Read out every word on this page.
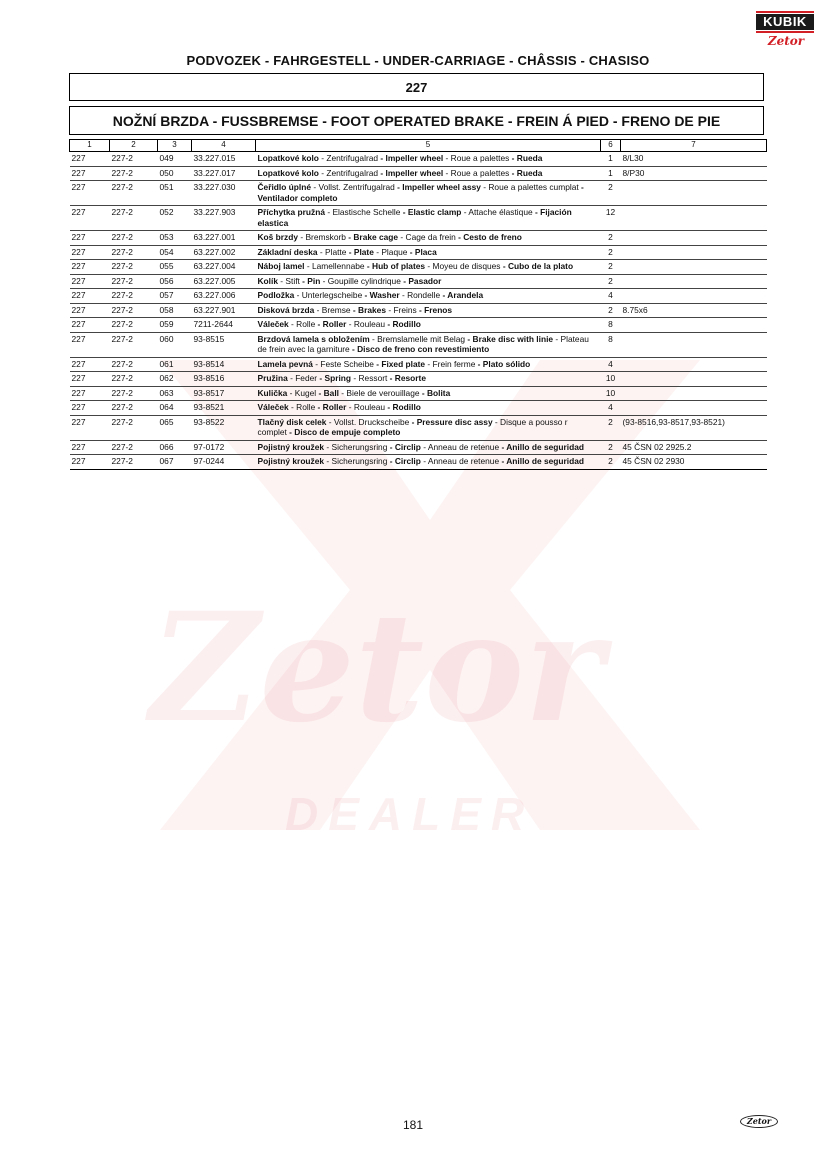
Zetor
DEALER
KUBIK
Zetor
PODVOZEK - FAHRGESTELL - UNDER-CARRIAGE - CHÂSSIS - CHASISO
227
NOŽNÍ BRZDA - FUSSBREMSE - FOOT OPERATED BRAKE - FREIN Á PIED - FRENO DE PIE
1	2	3	4	5	6	7
227	227-2	049	33.227.015	Lopatkové kolo - Zentrifugalrad - Impeller wheel - Roue a palettes - Rueda	1	8/L30
227	227-2	050	33.227.017	Lopatkové kolo - Zentrifugalrad - Impeller wheel - Roue a palettes - Rueda	1	8/P30
227	227-2	051	33.227.030	Čeřidlo úplné - Vollst. Zentrifugalrad - Impeller wheel assy - Roue a palettes cumplat - Ventilador completo	2	
227	227-2	052	33.227.903	Příchytka pružná - Elastische Schelle - Elastic clamp - Attache élastique - Fijación elastica	12	
227	227-2	053	63.227.001	Koš brzdy - Bremskorb - Brake cage - Cage da frein - Cesto de freno	2	
227	227-2	054	63.227.002	Základní deska - Platte - Plate - Plaque - Placa	2	
227	227-2	055	63.227.004	Náboj lamel - Lamellennabe - Hub of plates - Moyeu de disques - Cubo de la plato	2	
227	227-2	056	63.227.005	Kolík - Stift - Pin - Goupille cylindrique - Pasador	2	
227	227-2	057	63.227.006	Podložka - Unterlegscheibe - Washer - Rondelle - Arandela	4	
227	227-2	058	63.227.901	Disková brzda - Bremse - Brakes - Freins - Frenos	2	8.75x6
227	227-2	059	7211-2644	Váleček - Rolle - Roller - Rouleau - Rodillo	8	
227	227-2	060	93-8515	Brzdová lamela s obložením - Bremslamelle mit Belag - Brake disc with linie - Plateau de frein avec la garniture - Disco de freno con revestimiento	8	
227	227-2	061	93-8514	Lamela pevná - Feste Scheibe - Fixed plate - Frein ferme - Plato sólido	4	
227	227-2	062	93-8516	Pružina - Feder - Spring - Ressort - Resorte	10	
227	227-2	063	93-8517	Kulička - Kugel - Ball - Biele de verouillage - Bolita	10	
227	227-2	064	93-8521	Váleček - Rolle - Roller - Rouleau - Rodillo	4	
227	227-2	065	93-8522	Tlačný disk celek - Vollst. Druckscheibe - Pressure disc assy - Disque a pousso r complet - Disco de empuje completo	2	(93-8516,93-8517,93-8521)
227	227-2	066	97-0172	Pojistný kroužek - Sicherungsring - Circlip - Anneau de retenue - Anillo de seguridad	2	45 ČSN 02 2925.2
227	227-2	067	97-0244	Pojistný kroužek - Sicherungsring - Circlip - Anneau de retenue - Anillo de seguridad	2	45 ČSN 02 2930
181	Zetor
